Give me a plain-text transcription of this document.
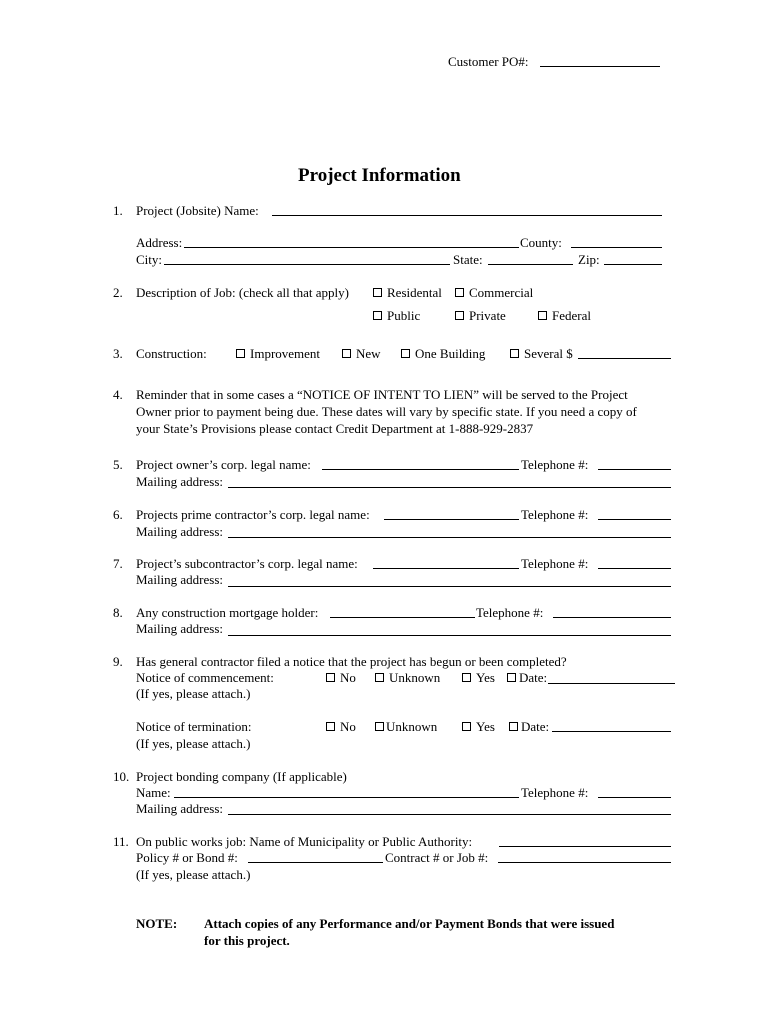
Customer PO#:
Project Information
1. Project (Jobsite) Name:
Address:	County:
City:	State:	Zip:
2. Description of Job: (check all that apply)	Residental Commercial
Public	Private	Federal
3. Construction:	Improvement	New	One Building	Several $
4. Reminder that in some cases a “NOTICE OF INTENT TO LIEN” will be served to the Project
Owner prior to payment being due. These dates will vary by specific state. If you need a copy of
your State’s Provisions please contact Credit Department at 1-888-929-2837
5. Project owner’s corp. legal name:	Telephone #:
Mailing address:
6. Projects prime contractor’s corp. legal name:	Telephone #:
Mailing address:
7. Project’s subcontractor’s corp. legal name:	Telephone #:
Mailing address:
8. Any construction mortgage holder:	Telephone #:
Mailing address:
9. Has general contractor filed a notice that the project has begun or been completed?
Notice of commencement:	No	Unknown	Yes Date:
(If yes, please attach.)
Notice of termination:	No Unknown	Yes Date:
(If yes, please attach.)
10. Project bonding company (If applicable)
Name:	Telephone #:
Mailing address:
11. On public works job: Name of Municipality or Public Authority:
Policy # or Bond #:	Contract # or Job #:
(If yes, please attach.)
NOTE: Attach copies of any Performance and/or Payment Bonds that were issued
for this project.
